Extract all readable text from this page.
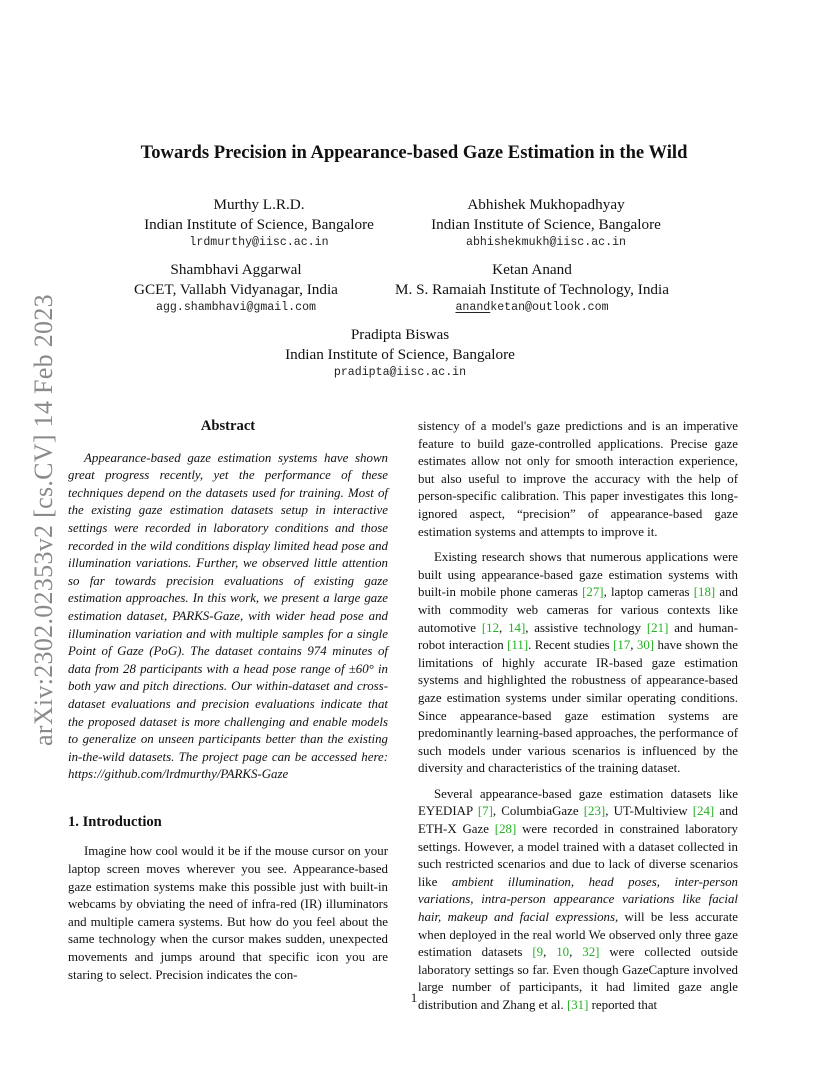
arXiv:2302.02353v2 [cs.CV] 14 Feb 2023
Towards Precision in Appearance-based Gaze Estimation in the Wild
Murthy L.R.D.
Indian Institute of Science, Bangalore
lrdmurthy@iisc.ac.in
Abhishek Mukhopadhyay
Indian Institute of Science, Bangalore
abhishekmukh@iisc.ac.in
Shambhavi Aggarwal
GCET, Vallabh Vidyanagar, India
agg.shambhavi@gmail.com
Ketan Anand
M. S. Ramaiah Institute of Technology, India
anandketan@outlook.com
Pradipta Biswas
Indian Institute of Science, Bangalore
pradipta@iisc.ac.in
Abstract

Appearance-based gaze estimation systems have shown great progress recently, yet the performance of these techniques depend on the datasets used for training. Most of the existing gaze estimation datasets setup in interactive settings were recorded in laboratory conditions and those recorded in the wild conditions display limited head pose and illumination variations. Further, we observed little attention so far towards precision evaluations of existing gaze estimation approaches. In this work, we present a large gaze estimation dataset, PARKS-Gaze, with wider head pose and illumination variation and with multiple samples for a single Point of Gaze (PoG). The dataset contains 974 minutes of data from 28 participants with a head pose range of ±60° in both yaw and pitch directions. Our within-dataset and cross-dataset evaluations and precision evaluations indicate that the proposed dataset is more challenging and enable models to generalize on unseen participants better than the existing in-the-wild datasets. The project page can be accessed here: https://github.com/lrdmurthy/PARKS-Gaze

1. Introduction

Imagine how cool would it be if the mouse cursor on your laptop screen moves wherever you see. Appearance-based gaze estimation systems make this possible just with built-in webcams by obviating the need of infra-red (IR) illuminators and multiple camera systems. But how do you feel about the same technology when the cursor makes sudden, unexpected movements and jumps around that specific icon you are staring to select. Precision indicates the con-

sistency of a model's gaze predictions and is an imperative feature to build gaze-controlled applications. Precise gaze estimates allow not only for smooth interaction experience, but also useful to improve the accuracy with the help of person-specific calibration. This paper investigates this long-ignored aspect, “precision” of appearance-based gaze estimation systems and attempts to improve it.

Existing research shows that numerous applications were built using appearance-based gaze estimation systems with built-in mobile phone cameras [27], laptop cameras [18] and with commodity web cameras for various contexts like automotive [12, 14], assistive technology [21] and human-robot interaction [11]. Recent studies [17, 30] have shown the limitations of highly accurate IR-based gaze estimation systems and highlighted the robustness of appearance-based gaze estimation systems under similar operating conditions. Since appearance-based gaze estimation systems are predominantly learning-based approaches, the performance of such models under various scenarios is influenced by the diversity and characteristics of the training dataset.

Several appearance-based gaze estimation datasets like EYEDIAP [7], ColumbiaGaze [23], UT-Multiview [24] and ETH-X Gaze [28] were recorded in constrained laboratory settings. However, a model trained with a dataset collected in such restricted scenarios and due to lack of diverse scenarios like ambient illumination, head poses, inter-person variations, intra-person appearance variations like facial hair, makeup and facial expressions, will be less accurate when deployed in the real world We observed only three gaze estimation datasets [9, 10, 32] were collected outside laboratory settings so far. Even though GazeCapture involved large number of participants, it had limited gaze angle distribution and Zhang et al. [31] reported that

1
